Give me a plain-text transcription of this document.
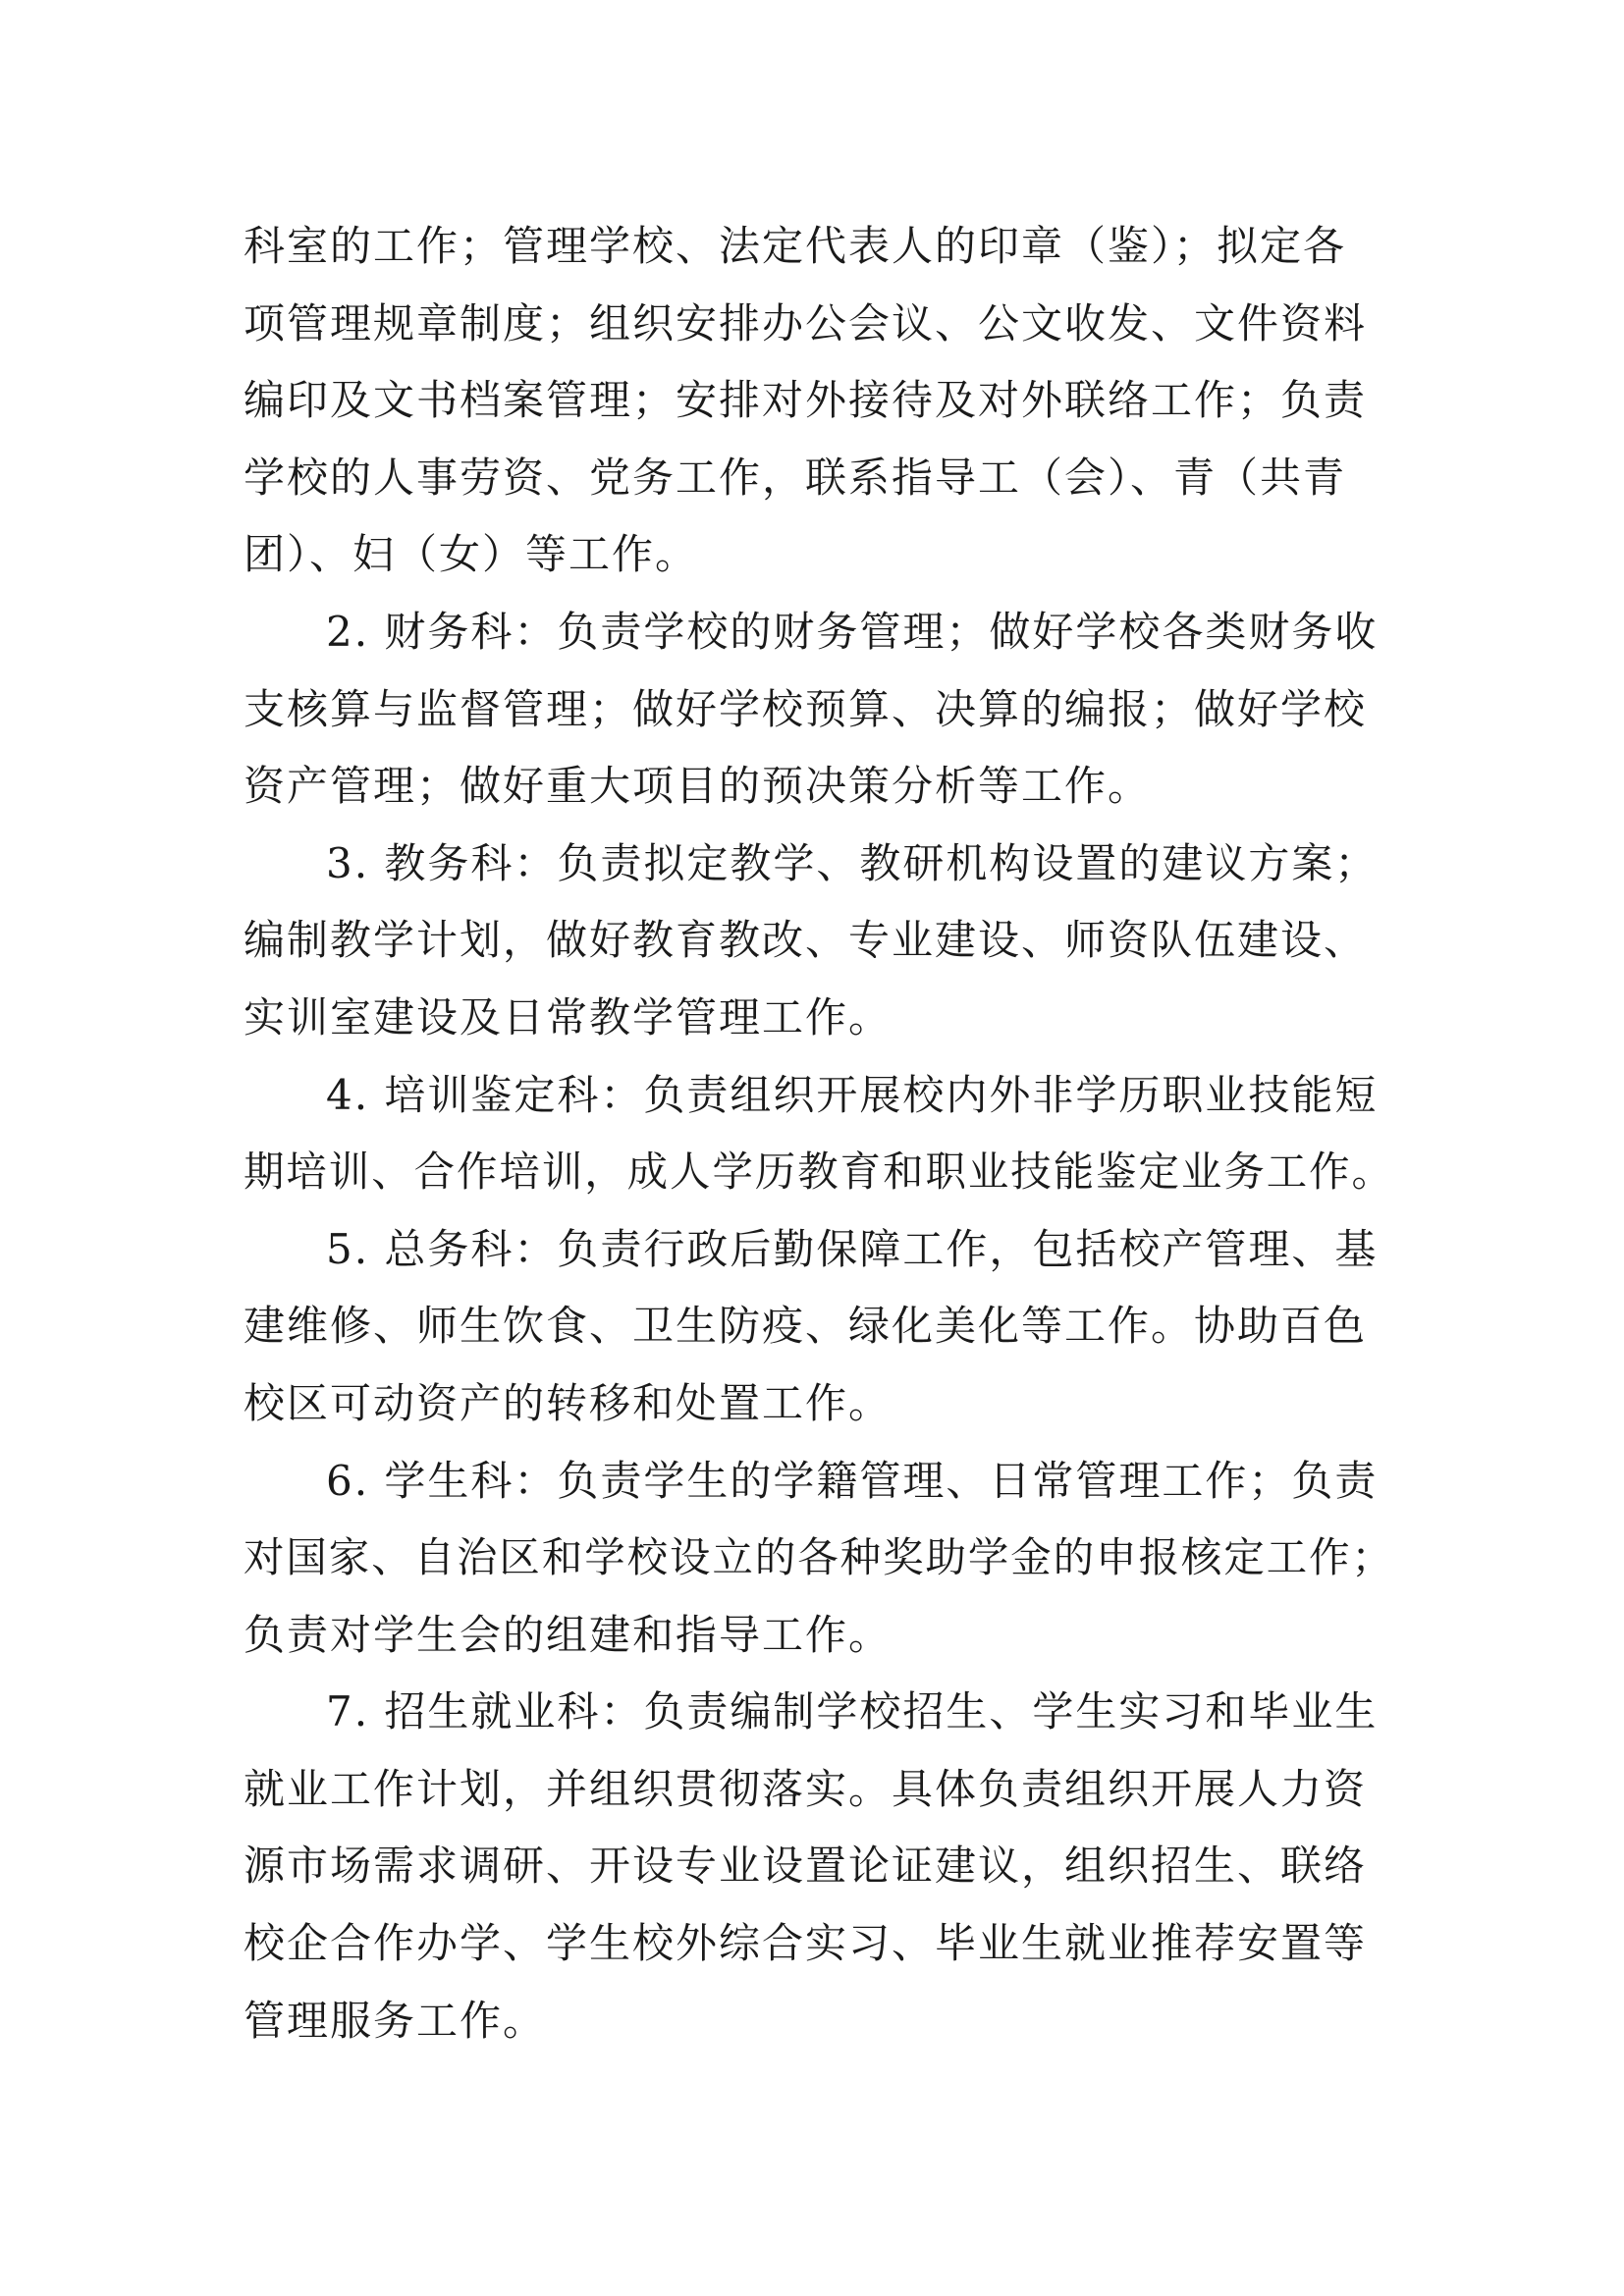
科室的工作；管理学校、法定代表人的印章（鉴）；拟定各
项管理规章制度；组织安排办公会议、公文收发、文件资料
编印及文书档案管理；安排对外接待及对外联络工作；负责
学校的人事劳资、党务工作，联系指导工（会）、青（共青
团）、妇（女）等工作。
2. 财务科：负责学校的财务管理；做好学校各类财务收
支核算与监督管理；做好学校预算、决算的编报；做好学校
资产管理；做好重大项目的预决策分析等工作。
3. 教务科：负责拟定教学、教研机构设置的建议方案；
编制教学计划，做好教育教改、专业建设、师资队伍建设、
实训室建设及日常教学管理工作。
4. 培训鉴定科：负责组织开展校内外非学历职业技能短
期培训、合作培训，成人学历教育和职业技能鉴定业务工作。
5. 总务科：负责行政后勤保障工作，包括校产管理、基
建维修、师生饮食、卫生防疫、绿化美化等工作。协助百色
校区可动资产的转移和处置工作。
6. 学生科：负责学生的学籍管理、日常管理工作；负责
对国家、自治区和学校设立的各种奖助学金的申报核定工作；
负责对学生会的组建和指导工作。
7. 招生就业科：负责编制学校招生、学生实习和毕业生
就业工作计划，并组织贯彻落实。具体负责组织开展人力资
源市场需求调研、开设专业设置论证建议，组织招生、联络
校企合作办学、学生校外综合实习、毕业生就业推荐安置等
管理服务工作。
